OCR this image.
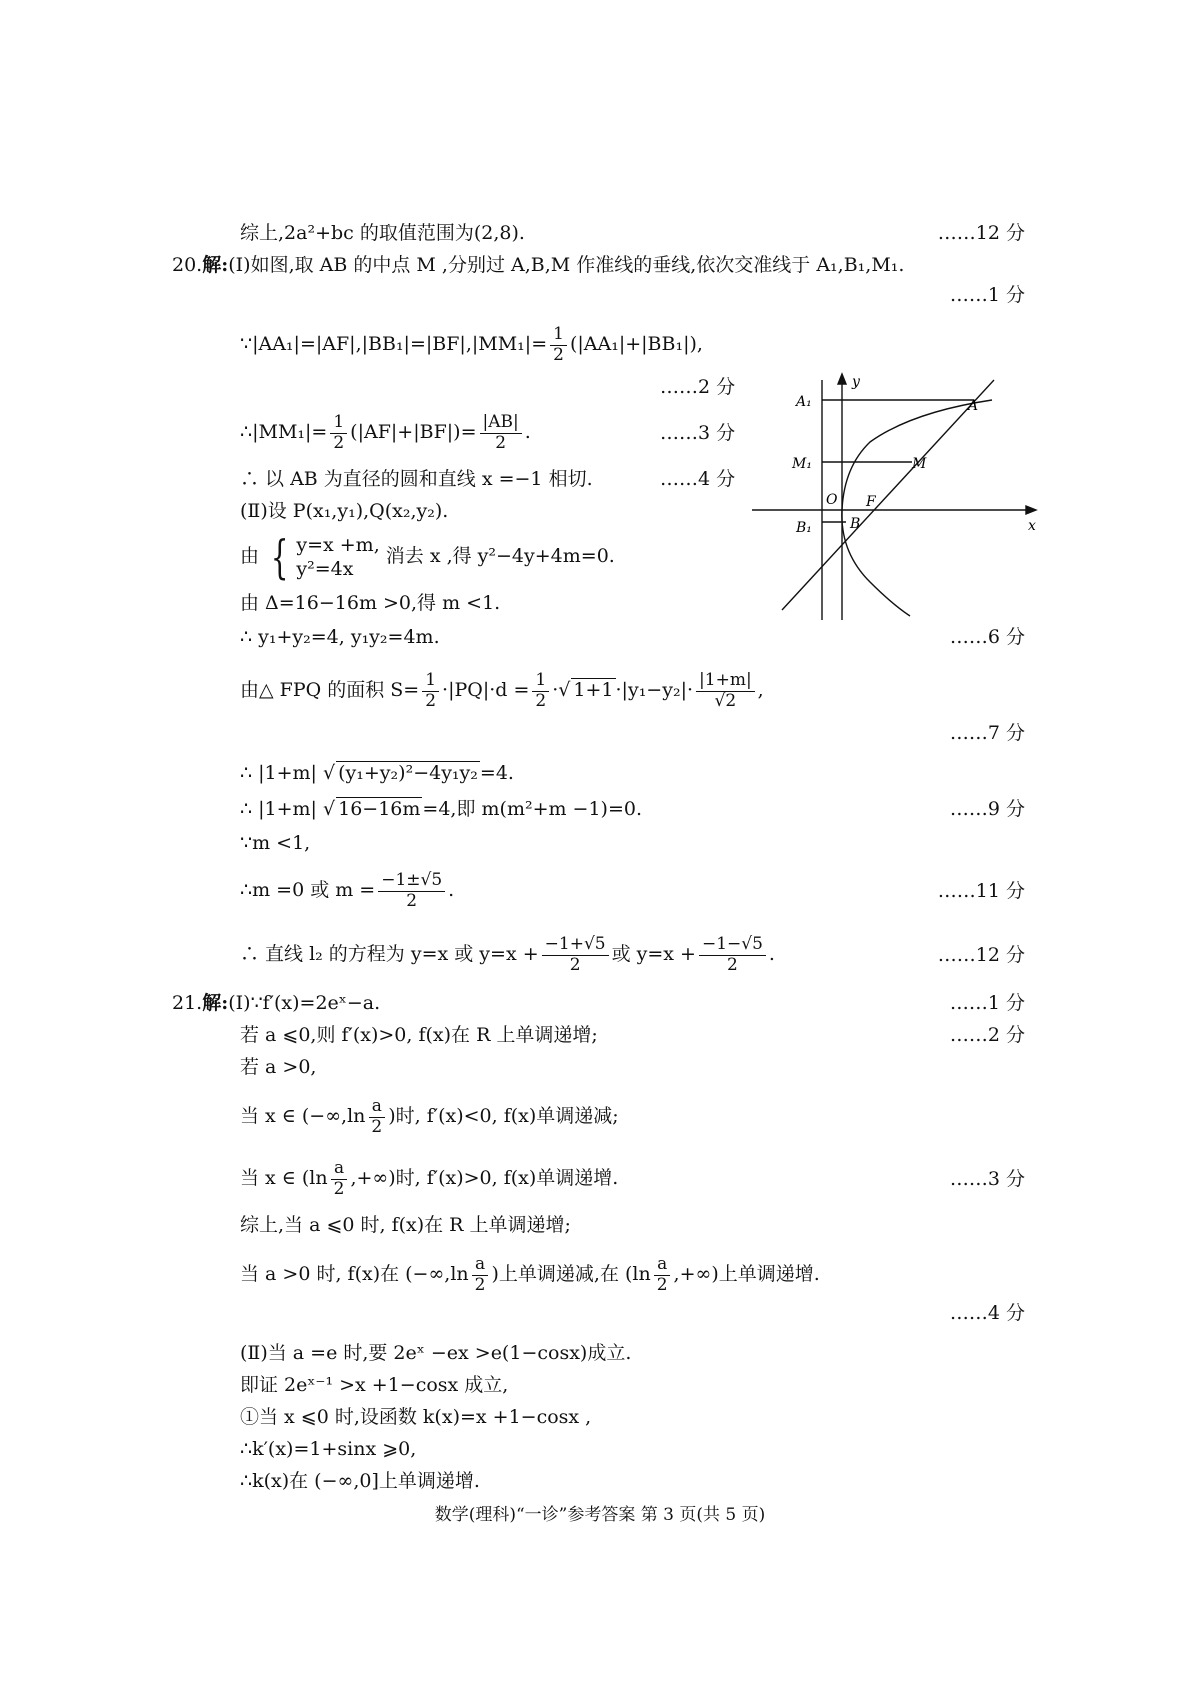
综上,2a²+bc 的取值范围为(2,8).	……12 分
20.解:(Ⅰ)如图,取 AB 的中点 M ,分别过 A,B,M 作准线的垂线,依次交准线于 A₁,B₁,M₁.
……1 分
∵|AA₁|=|AF|,|BB₁|=|BF|,|MM₁|= $\frac{1}{2} (|AA_1|+|BB_1|)$,
……2 分
∴|MM₁|= $\frac{1}{2} (|AF|+|BF|)= \frac{|AB|}{2}$ .	……3 分
∴ 以 AB 为直径的圆和直线 x =−1 相切.	……4 分
(Ⅱ)设 P(x₁,y₁),Q(x₂,y₂).
由 { y=x +m,
y²=4x
消去 x ,得 y²−4y+4m=0.
由 Δ=16−16m >0,得 m <1.
∴ y₁+y₂=4, y₁y₂=4m.	……6 分
由△ FPQ 的面积 $S= \frac{1}{2} \cdot|PQ|\cdot d = \frac{1}{2}$ ·√ $1+1 \cdot|y_1-y_2|\cdot \frac{|1+m|}{√2}$ ,
……7 分
∴ |1+m| √ (y₁+y₂)²−4y₁y₂ =4.
∴ |1+m| √ 16−16m =4,即 m(m²+m −1)=0.	……9 分
∵m <1,
∴m =0 或 $m = \frac{-1\pm√5}{2}$ .	……11 分
∴ 直线 l₂ 的方程为 y=x 或 $y=x + \frac{-1+√5}{2}$ 或 $y=x + \frac{-1-√5}{2}$ .	……12 分
21.解:(Ⅰ)∵f′(x)=2eˣ−a.	……1 分
若 a ⩽0,则 f′(x)>0, f(x)在 R 上单调递增;	……2 分
若 a >0,
当 x ∈ ($-\infty,\ln \frac{a}{2}$ )时, f′(x)<0, f(x)单调递减;
当 x ∈ ($\ln \frac{a}{2}$ ,+∞)时, f′(x)>0, f(x)单调递增.	……3 分
综上,当 a ⩽0 时, f(x)在 R 上单调递增;
当 a >0 时, f(x)在 ($-\infty,\ln \frac{a}{2}$ )上单调递减,在 ($\ln \frac{a}{2}$ ,+∞)上单调递增.
……4 分
(Ⅱ)当 a =e 时,要 2eˣ −ex >e(1−cosx)成立.
即证 2eˣ⁻¹ >x +1−cosx 成立,
①当 x ⩽0 时,设函数 k(x)=x +1−cosx ,
∴k′(x)=1+sinx ⩾0,
∴k(x)在 (−∞,0]上单调递增.
数学(理科)“一诊”参考答案 第 3 页(共 5 页)
y
x
A₁	A
M₁	M
O
B
F
B₁
